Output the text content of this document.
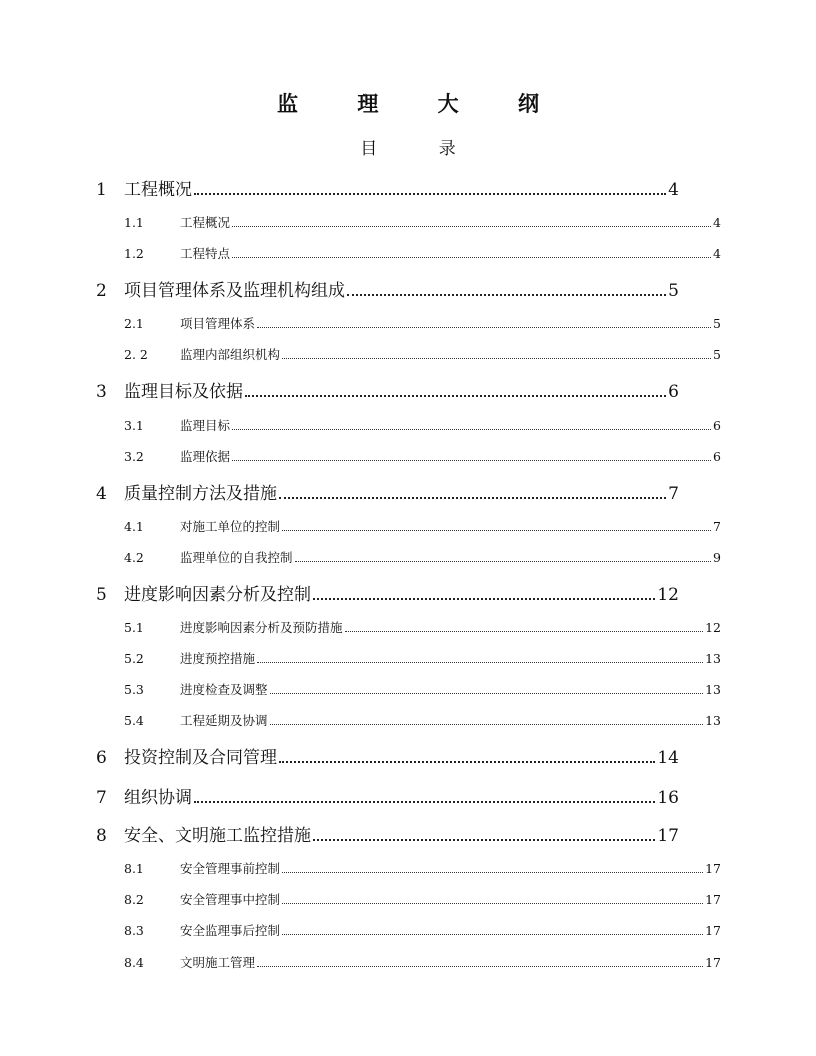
监 理 大 纲
目 录
1	工程概况	4
1.1	工程概况	4
1.2	工程特点	4
2	项目管理体系及监理机构组成	5
2.1	项目管理体系	5
2. 2	监理内部组织机构	5
3	监理目标及依据	6
3.1	监理目标	6
3.2	监理依据	6
4	质量控制方法及措施	7
4.1	对施工单位的控制	7
4.2	监理单位的自我控制	9
5	进度影响因素分析及控制	12
5.1	进度影响因素分析及预防措施	12
5.2	进度预控措施	13
5.3	进度检查及调整	13
5.4	工程延期及协调	13
6	投资控制及合同管理	14
7	组织协调	16
8	安全、文明施工监控措施	17
8.1	安全管理事前控制	17
8.2	安全管理事中控制	17
8.3	安全监理事后控制	17
8.4	文明施工管理	17
